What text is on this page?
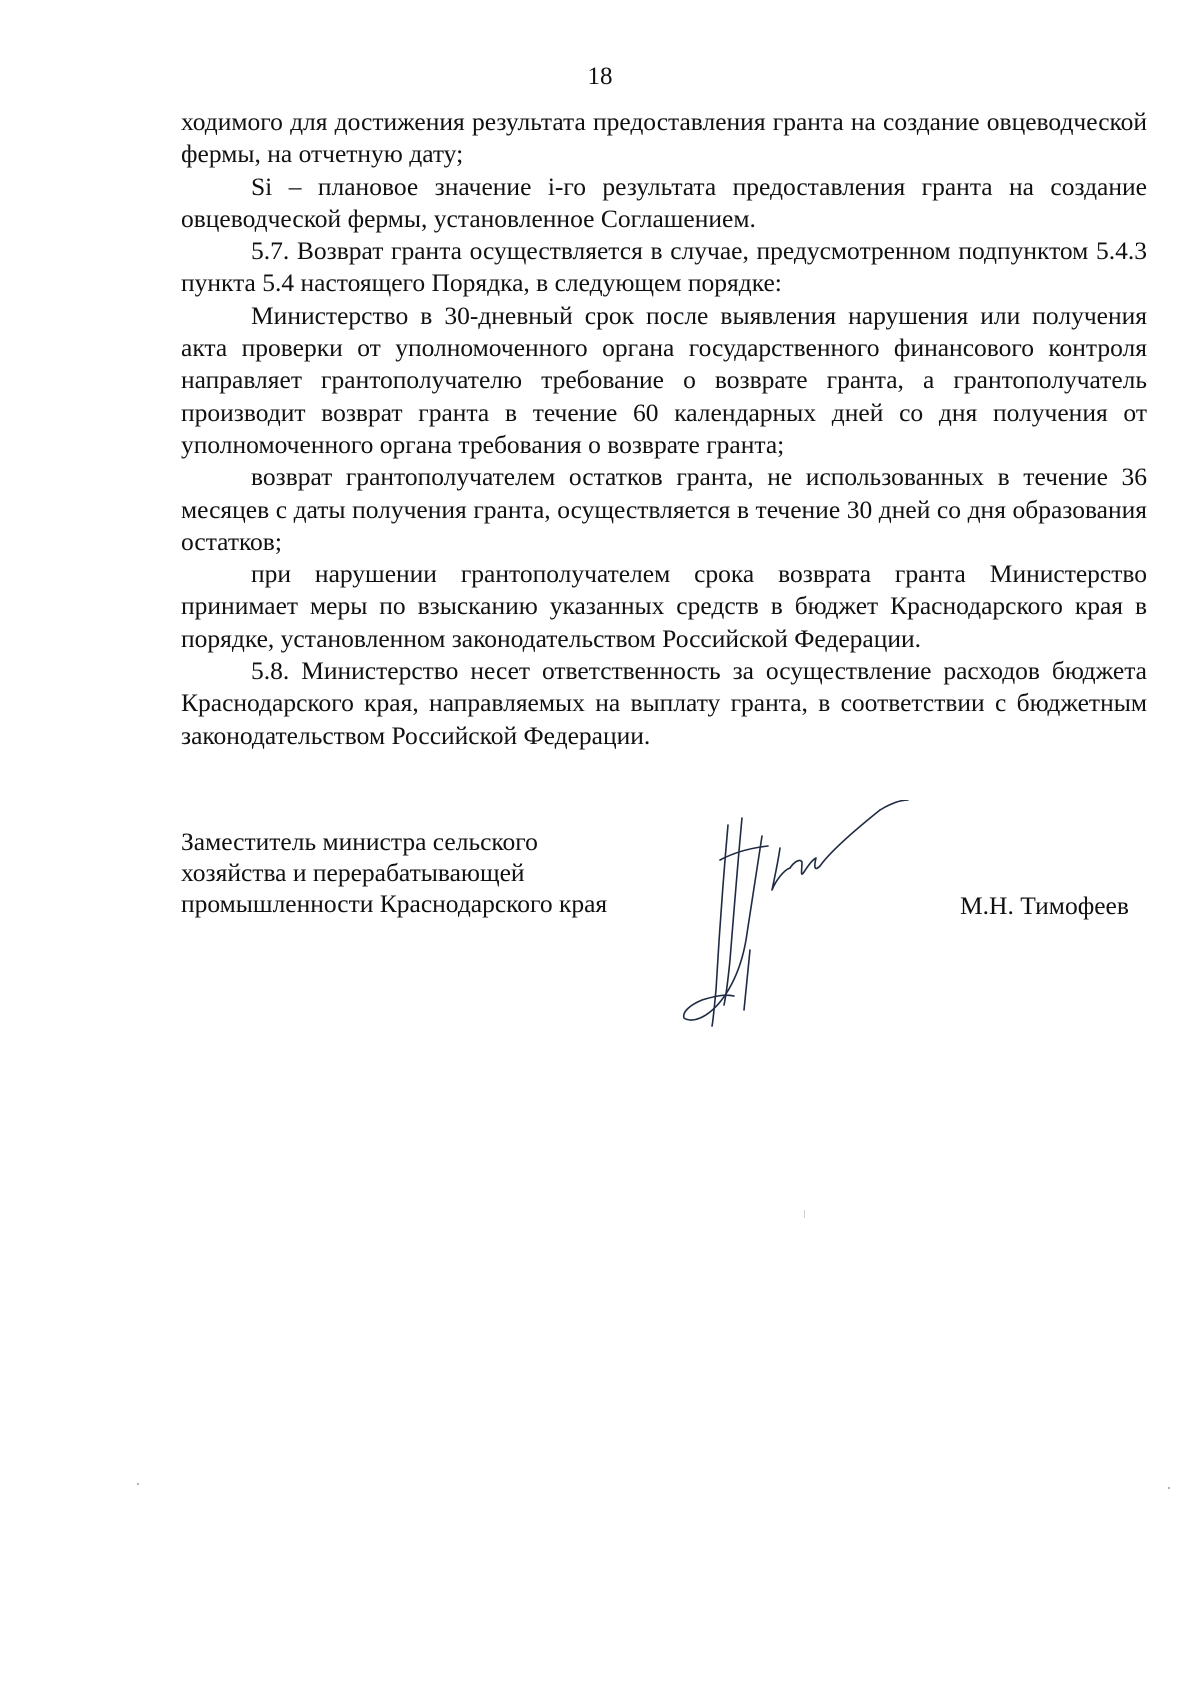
18

ходимого для достижения результата предоставления гранта на создание овцеводческой фермы, на отчетную дату;

Si – плановое значение i-го результата предоставления гранта на создание овцеводческой фермы, установленное Соглашением.

5.7. Возврат гранта осуществляется в случае, предусмотренном подпунктом 5.4.3 пункта 5.4 настоящего Порядка, в следующем порядке:

Министерство в 30-дневный срок после выявления нарушения или получения акта проверки от уполномоченного органа государственного финансового контроля направляет грантополучателю требование о возврате гранта, а грантополучатель производит возврат гранта в течение 60 календарных дней со дня получения от уполномоченного органа требования о возврате гранта;

возврат грантополучателем остатков гранта, не использованных в течение 36 месяцев с даты получения гранта, осуществляется в течение 30 дней со дня образования остатков;

при нарушении грантополучателем срока возврата гранта Министерство принимает меры по взысканию указанных средств в бюджет Краснодарского края в порядке, установленном законодательством Российской Федерации.

5.8. Министерство несет ответственность за осуществление расходов бюджета Краснодарского края, направляемых на выплату гранта, в соответствии с бюджетным законодательством Российской Федерации.

Заместитель министра сельского

хозяйства и перерабатывающей

промышленности Краснодарского края	М.Н. Тимофеев
